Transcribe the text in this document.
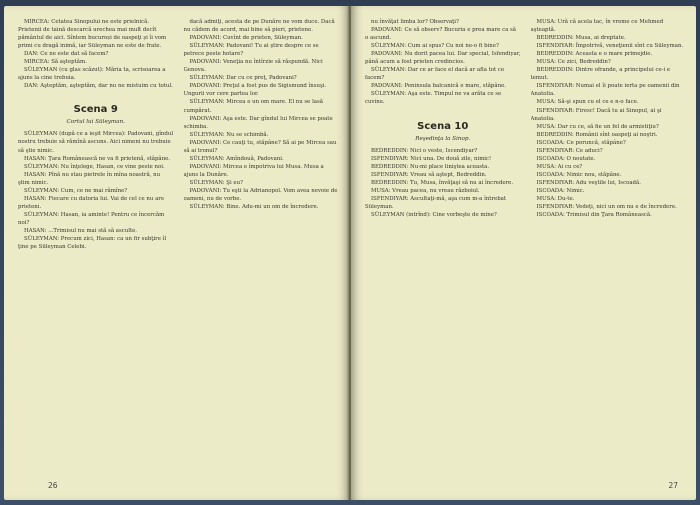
MIRCEA: Cetatea Sinopului ne este prielnică. Prietenii de taină descarcă urechea mai mult decît pământul de aici. Sîntem bucuroși de oaspeţi și îi vom primi cu dragă inimă, iar Süleyman ne este de frate.

DAN: Ce ne este dat să facem?

MIRCEA: Să aşteptăm.

SÜLEYMAN (cu glas scăzut): Măria ta, scrisoarea a ajuns la cine trebuia.

DAN: Aşteptăm, aşteptăm, dar nu ne mistuim cu totul.

Scena 9
Cortul lui Süleyman.

SÜLEYMAN (după ce a ieşit Mircea): Padovani, gîndul nostru trebuie să rămînă ascuns. Aici nimeni nu trebuie să ştie nimic.

HASAN: Ţara Românească ne va fi prietenă, stăpâne.

SÜLEYMAN: Nu înţelege, Hasan, ce vine peste noi.

HASAN: Pînă nu stau pietrele în mîna noastră, nu ştim nimic.

SÜLEYMAN: Cum, ce ne mai rămîne?

HASAN: Fiecare cu datoria lui. Vai de cel ce nu are prieteni.

SÜLEYMAN: Hasan, ia aminte! Pentru ce încercăm noi?

HASAN: ...Trimisul nu mai stă să asculte.

SÜLEYMAN: Precum zici, Hasan: ca un fir subţire îl ţine pe Süleyman Celebi.

dacă admiţi, acesta de pe Dunăre ne vom duce. Dacă nu cădem de acord, mai bine să pieri, prietene.

PADOVANI: Cuvînt de prieten, Süleyman.

SÜLEYMAN: Padovani! Tu ai ştire despre ce se petrece peste hotare?

PADOVANI: Veneţia nu întîrzie să răspundă. Nici Genova.

SÜLEYMAN: Dar cu ce preţ, Padovani?

PADOVANI: Preţul a fost pus de Sigismund însuşi. Ungurii vor cere partea lor.

SÜLEYMAN: Mircea e un om mare. El nu se lasă cumpărat.

PADOVANI: Aşa este. Dar gîndul lui Mircea se poate schimba.

SÜLEYMAN: Nu se schimbă.

PADOVANI: Ce cauţi tu, stăpâne? Să ai pe Mircea sau să ai tronul?

SÜLEYMAN: Amîndouă, Padovani.

PADOVANI: Mircea e împotriva lui Musa. Musa a ajuns la Dunăre.

SÜLEYMAN: Şi eu?

PADOVANI: Tu eşti la Adrianopol. Vom avea nevoie de oameni, nu de vorbe.

SÜLEYMAN: Bine. Adu-mi un om de încredere.

26

nu învăţat limba lor? Observaţi?

PADOVANI: Ce să observ? Bucuria e prea mare ca să o ascund.

SÜLEYMAN: Cum ai spus? Cu noi ne-o fi bine?

PADOVANI: Nu dorit pacea lui. Dar special, Isfendiyar, până acum a fost prieten credincios.

SÜLEYMAN: Dar ce ar face el dacă ar afla tot ce facem?

PADOVANI: Peninsula balcanică e mare, stăpâne.

SÜLEYMAN: Aşa este. Timpul ne va arăta ce se cuvine.

Scena 10
Reşedinţa la Sinop.

BEDREDDIN: Nici o veste, Iscendiyar?

ISFENDIYAR: Nici una. De două zile, nimic!

BEDREDDIN: Nu-mi place liniştea aceasta.

ISFENDIYAR: Vreau să aştept, Bedreddin.

BEDREDDIN: Tu, Musa, învăţaşi să nu ai încredere.

MUSA: Vreau pacea, nu vreau războiul.

ISFENDIYAR: Ascultaţi-mă, aşa cum m-a întrebat Süleyman.

SÜLEYMAN (intrînd): Cine vorbeşte de mine?

MUSA: Ură că acela tac, în vreme ce Mehmed aşteaptă.

BEDREDDIN: Musa, ai dreptate.

ISFENDIYAR: Împotrivă, veneţienii sînt cu Süleyman.

BEDREDDIN: Aceasta e o mare primejdie.

MUSA: Ce zici, Bedreddin?

BEDREDDIN: Dintre ofrande, a principelui ce-i e temut.

ISFENDIYAR: Numai el îi poate ierta pe oamenii din Anatolia.

MUSA: Să-şi spun cu el ce e n-o face.

ISFENDIYAR: Firesc! Dacă tu ai Sinopul, ai şi Anatolia.

MUSA: Dar cu ce, să fie un fel de armistiţiu?

BEDREDDIN: Românii sînt oaspeţi ai noştri.

ISCOADA: Ce poruncă, stăpâne?

ISFENDIYAR: Ce aduci?

ISCOADA: O noutate.

MUSA: Ai cu ce?

ISCOADA: Nimic nou, stăpâne.

ISFENDIYAR: Adu veştile lui, Iscoadă.

ISCOADA: Nimic.

MUSA: Du-te.

ISFENDIYAR: Vedeţi, nici un om nu e de încredere.

ISCOADA: Trimisul din Ţara Românească.

27
